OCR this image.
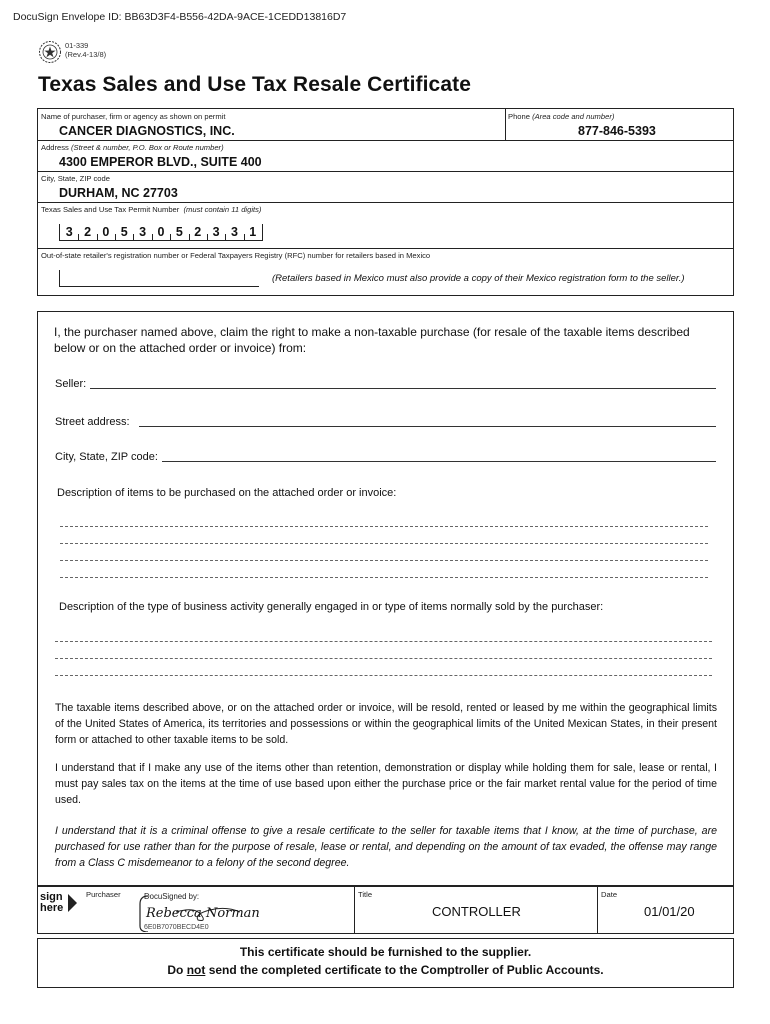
DocuSign Envelope ID: BB63D3F4-B556-42DA-9ACE-1CEDD13816D7
01-339
(Rev.4-13/8)
Texas Sales and Use Tax Resale Certificate
Name of purchaser, firm or agency as shown on permit
CANCER DIAGNOSTICS, INC.
Phone (Area code and number)
877-846-5393
Address (Street & number, P.O. Box or Route number)
4300 EMPEROR BLVD., SUITE 400
City, State, ZIP code
DURHAM, NC 27703
Texas Sales and Use Tax Permit Number  (must contain 11 digits)
3 2 0 5 3 0 5 2 3 3 1
Out-of-state retailer's registration number or Federal Taxpayers Registry (RFC) number for retailers based in Mexico
(Retailers based in Mexico must also provide a copy of their Mexico registration form to the seller.)
I, the purchaser named above, claim the right to make a non-taxable purchase (for resale of the taxable items described below or on the attached order or invoice) from:
Seller:
Street address:
City, State, ZIP code:
Description of items to be purchased on the attached order or invoice:
Description of the type of business activity generally engaged in or type of items normally sold by the purchaser:
The taxable items described above, or on the attached order or invoice, will be resold, rented or leased by me within the geographical limits of the United States of America, its territories and possessions or within the geographical limits of the United Mexican States, in their present form or attached to other taxable items to be sold.
I understand that if I make any use of the items other than retention, demonstration or display while holding them for sale, lease or rental, I must pay sales tax on the items at the time of use based upon either the purchase price or the fair market rental value for the period of time used.
I understand that it is a criminal offense to give a resale certificate to the seller for taxable items that I know, at the time of purchase, are purchased for use rather than for the purpose of resale, lease or rental, and depending on the amount of tax evaded, the offense may range from a Class C misdemeanor to a felony of the second degree.
sign
here
Purchaser	DocuSigned by:
Rebecca Norman
6E0B7070BECD4E0
Title
CONTROLLER
Date
01/01/20
This certificate should be furnished to the supplier.
Do not send the completed certificate to the Comptroller of Public Accounts.
